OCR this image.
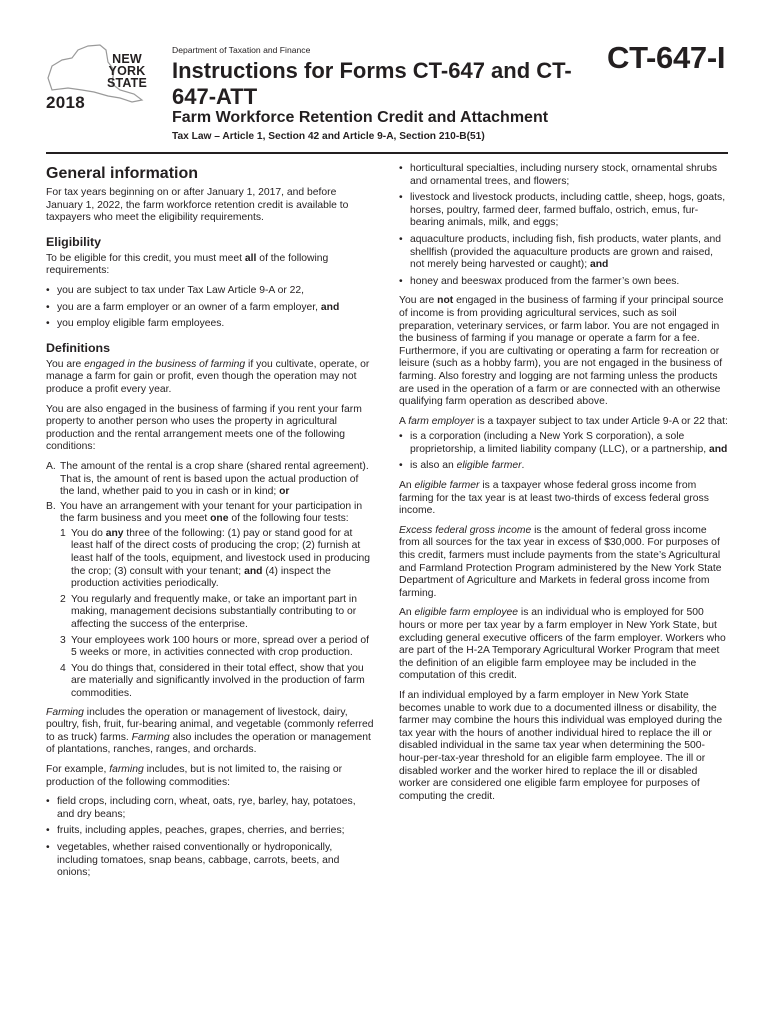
NEW
YORK
STATE
2018
Department of Taxation and Finance
Instructions for Forms CT-647 and CT-647-ATT
Farm Workforce Retention Credit and Attachment
Tax Law – Article 1, Section 42 and Article 9-A, Section 210-B(51)
CT-647-I
General information

For tax years beginning on or after January 1, 2017, and before January 1, 2022, the farm workforce retention credit is available to taxpayers who meet the eligibility requirements.

Eligibility

To be eligible for this credit, you must meet all of the following requirements:

• you are subject to tax under Tax Law Article 9-A or 22,
• you are a farm employer or an owner of a farm employer, and
• you employ eligible farm employees.
Definitions

You are engaged in the business of farming if you cultivate, operate, or manage a farm for gain or profit, even though the operation may not produce a profit every year.

You are also engaged in the business of farming if you rent your farm property to another person who uses the property in agricultural production and the rental arrangement meets one of the following conditions:

A. The amount of the rental is a crop share (shared rental agreement). That is, the amount of rent is based upon the actual production of the land, whether paid to you in cash or in kind; or
B. You have an arrangement with your tenant for your participation in the farm business and you meet one of the following four tests:
1 You do any three of the following: (1) pay or stand good for at least half of the direct costs of producing the crop; (2) furnish at least half of the tools, equipment, and livestock used in producing the crop; (3) consult with your tenant; and (4) inspect the production activities periodically.
2 You regularly and frequently make, or take an important part in making, management decisions substantially contributing to or affecting the success of the enterprise.
3 Your employees work 100 hours or more, spread over a period of 5 weeks or more, in activities connected with crop production.
4 You do things that, considered in their total effect, show that you are materially and significantly involved in the production of farm commodities.

Farming includes the operation or management of livestock, dairy, poultry, fish, fruit, fur-bearing animal, and vegetable (commonly referred to as truck) farms. Farming also includes the operation or management of plantations, ranches, ranges, and orchards.

For example, farming includes, but is not limited to, the raising or production of the following commodities:

• field crops, including corn, wheat, oats, rye, barley, hay, potatoes, and dry beans;
• fruits, including apples, peaches, grapes, cherries, and berries;
• vegetables, whether raised conventionally or hydroponically, including tomatoes, snap beans, cabbage, carrots, beets, and onions;
• horticultural specialties, including nursery stock, ornamental shrubs and ornamental trees, and flowers;
• livestock and livestock products, including cattle, sheep, hogs, goats, horses, poultry, farmed deer, farmed buffalo, ostrich, emus, fur-bearing animals, milk, and eggs;
• aquaculture products, including fish, fish products, water plants, and shellfish (provided the aquaculture products are grown and raised, not merely being harvested or caught); and
• honey and beeswax produced from the farmer’s own bees.

You are not engaged in the business of farming if your principal source of income is from providing agricultural services, such as soil preparation, veterinary services, or farm labor. You are not engaged in the business of farming if you manage or operate a farm for a fee. Furthermore, if you are cultivating or operating a farm for recreation or leisure (such as a hobby farm), you are not engaged in the business of farming. Also forestry and logging are not farming unless the products are used in the operation of a farm or are connected with an otherwise qualifying farm operation as described above.

A farm employer is a taxpayer subject to tax under Article 9-A or 22 that:

• is a corporation (including a New York S corporation), a sole proprietorship, a limited liability company (LLC), or a partnership, and
• is also an eligible farmer.

An eligible farmer is a taxpayer whose federal gross income from farming for the tax year is at least two-thirds of excess federal gross income.

Excess federal gross income is the amount of federal gross income from all sources for the tax year in excess of $30,000. For purposes of this credit, farmers must include payments from the state’s Agricultural and Farmland Protection Program administered by the New York State Department of Agriculture and Markets in federal gross income from farming.

An eligible farm employee is an individual who is employed for 500 hours or more per tax year by a farm employer in New York State, but excluding general executive officers of the farm employer. Workers who are part of the H-2A Temporary Agricultural Worker Program that meet the definition of an eligible farm employee may be included in the computation of this credit.

If an individual employed by a farm employer in New York State becomes unable to work due to a documented illness or disability, the farmer may combine the hours this individual was employed during the tax year with the hours of another individual hired to replace the ill or disabled individual in the same tax year when determining the 500-hour-per-tax-year threshold for an eligible farm employee. The ill or disabled worker and the worker hired to replace the ill or disabled worker are considered one eligible farm employee for purposes of computing the credit.
